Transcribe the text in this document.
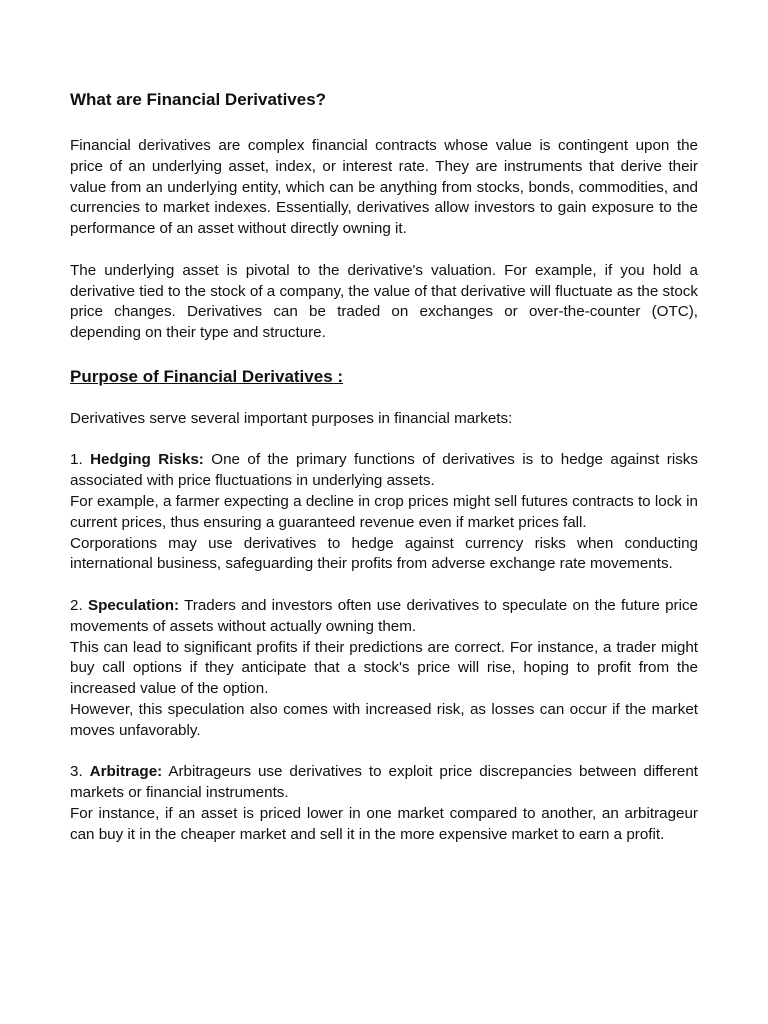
What are Financial Derivatives?

Financial derivatives are complex financial contracts whose value is contingent upon the price of an underlying asset, index, or interest rate. They are instruments that derive their value from an underlying entity, which can be anything from stocks, bonds, commodities, and currencies to market indexes. Essentially, derivatives allow investors to gain exposure to the performance of an asset without directly owning it.

The underlying asset is pivotal to the derivative's valuation. For example, if you hold a derivative tied to the stock of a company, the value of that derivative will fluctuate as the stock price changes. Derivatives can be traded on exchanges or over-the-counter (OTC), depending on their type and structure.

Purpose of Financial Derivatives :

Derivatives serve several important purposes in financial markets:

1. Hedging Risks: One of the primary functions of derivatives is to hedge against risks associated with price fluctuations in underlying assets.

For example, a farmer expecting a decline in crop prices might sell futures contracts to lock in current prices, thus ensuring a guaranteed revenue even if market prices fall.

Corporations may use derivatives to hedge against currency risks when conducting international business, safeguarding their profits from adverse exchange rate movements.

2. Speculation: Traders and investors often use derivatives to speculate on the future price movements of assets without actually owning them.

This can lead to significant profits if their predictions are correct. For instance, a trader might buy call options if they anticipate that a stock's price will rise, hoping to profit from the increased value of the option.

However, this speculation also comes with increased risk, as losses can occur if the market moves unfavorably.

3. Arbitrage: Arbitrageurs use derivatives to exploit price discrepancies between different markets or financial instruments.

For instance, if an asset is priced lower in one market compared to another, an arbitrageur can buy it in the cheaper market and sell it in the more expensive market to earn a profit.
